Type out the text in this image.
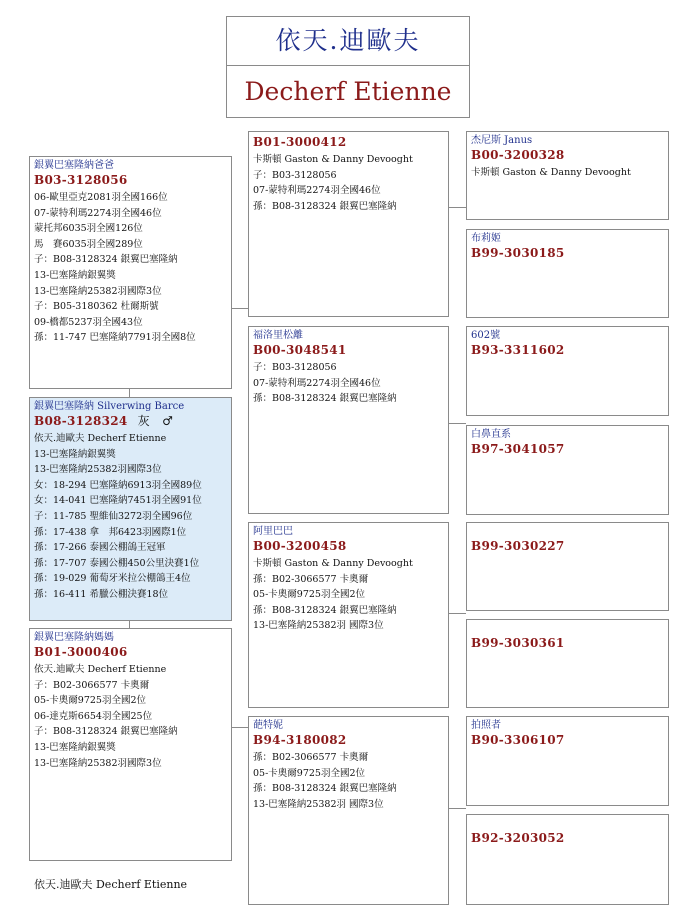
依天.迪歐夫
Decherf Etienne
銀翼巴塞隆納爸爸
B03-3128056
06-歐里亞克2081羽全國166位
07-蒙特利瑪2274羽全國46位
蒙托邦6035羽全國126位
馬　賽6035羽全國289位
子：B08-3128324 銀翼巴塞隆納
13-巴塞隆納銀翼獎
13-巴塞隆納25382羽國際3位
子：B05-3180362 杜爾斯號
09-橋都5237羽全國43位
孫：11-747 巴塞隆納7791羽全國8位
銀翼巴塞隆納 Silverwing Barce
B08-3128324 灰　♂
依天.迪歐夫 Decherf Etienne
13-巴塞隆納銀翼獎
13-巴塞隆納25382羽國際3位
女：18-294 巴塞隆納6913羽全國89位
女：14-041 巴塞隆納7451羽全國91位
子：11-785 聖維仙3272羽全國96位
孫：17-438 拿　邦6423羽國際1位
孫：17-266 泰國公棚鴿王冠軍
孫：17-707 泰國公棚450公里決賽1位
孫：19-029 葡萄牙米拉公棚鴿王4位
孫：16-411 希臘公棚決賽18位
銀翼巴塞隆納媽媽
B01-3000406
依天.迪歐夫 Decherf Etienne
子：B02-3066577 卡奧爾
05-卡奧爾9725羽全國2位
06-達克斯6654羽全國25位
子：B08-3128324 銀翼巴塞隆納
13-巴塞隆納銀翼獎
13-巴塞隆納25382羽國際3位
B01-3000412
卡斯頓 Gaston & Danny Devooght
子：B03-3128056
07-蒙特利瑪2274羽全國46位
孫：B08-3128324 銀翼巴塞隆納
福洛里松離
B00-3048541
子：B03-3128056
07-蒙特利瑪2274羽全國46位
孫：B08-3128324 銀翼巴塞隆納
阿里巴巴
B00-3200458
卡斯頓 Gaston & Danny Devooght
孫：B02-3066577 卡奧爾
05-卡奧爾9725羽全國2位
孫：B08-3128324 銀翼巴塞隆納
13-巴塞隆納25382羽 國際3位
葩特妮
B94-3180082
孫：B02-3066577 卡奧爾
05-卡奧爾9725羽全國2位
孫：B08-3128324 銀翼巴塞隆納
13-巴塞隆納25382羽 國際3位
杰尼斯 Janus
B00-3200328
卡斯頓 Gaston & Danny Devooght
布莉姬
B99-3030185
602號
B93-3311602
白鼻直系
B97-3041057
B99-3030227
B99-3030361
拍照者
B90-3306107
B92-3203052
依天.迪歐夫 Decherf Etienne
